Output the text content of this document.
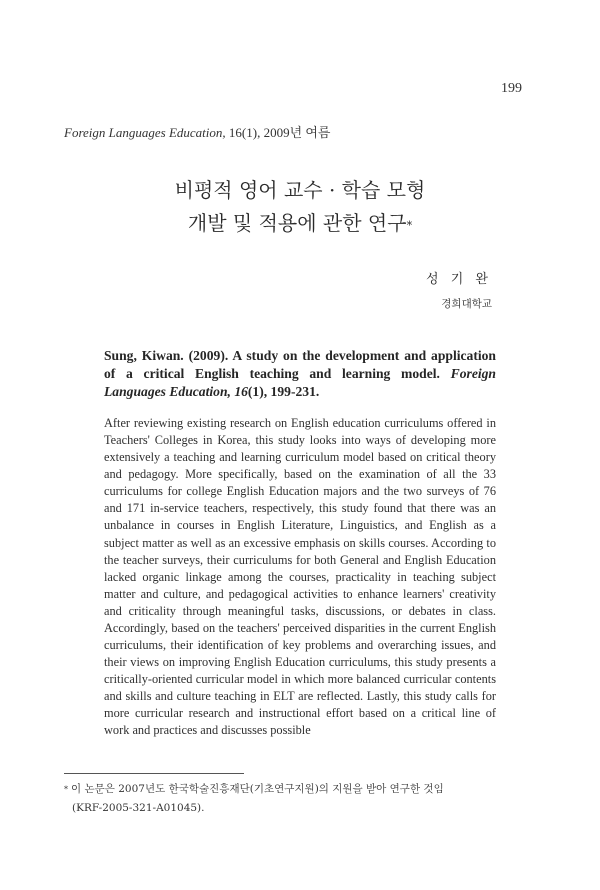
199
Foreign Languages Education, 16(1), 2009년 여름
비평적 영어 교수 · 학습 모형
개발 및 적용에 관한 연구*
성 기 완
경희대학교
Sung, Kiwan. (2009). A study on the development and application of a critical English teaching and learning model. Foreign Languages Education, 16(1), 199-231.

After reviewing existing research on English education curriculums offered in Teachers' Colleges in Korea, this study looks into ways of developing more extensively a teaching and learning curriculum model based on critical theory and pedagogy. More specifically, based on the examination of all the 33 curriculums for college English Education majors and the two surveys of 76 and 171 in-service teachers, respectively, this study found that there was an unbalance in courses in English Literature, Linguistics, and English as a subject matter as well as an excessive emphasis on skills courses. According to the teacher surveys, their curriculums for both General and English Education lacked organic linkage among the courses, practicality in teaching subject matter and culture, and pedagogical activities to enhance learners' creativity and criticality through meaningful tasks, discussions, or debates in class. Accordingly, based on the teachers' perceived disparities in the current English curriculums, their identification of key problems and overarching issues, and their views on improving English Education curriculums, this study presents a critically-oriented curricular model in which more balanced curricular contents and skills and culture teaching in ELT are reflected. Lastly, this study calls for more curricular research and instructional effort based on a critical line of work and practices and discusses possible

* 이 논문은 2007년도 한국학술진흥재단(기초연구지원)의 지원을 받아 연구한 것임
(KRF-2005-321-A01045).
